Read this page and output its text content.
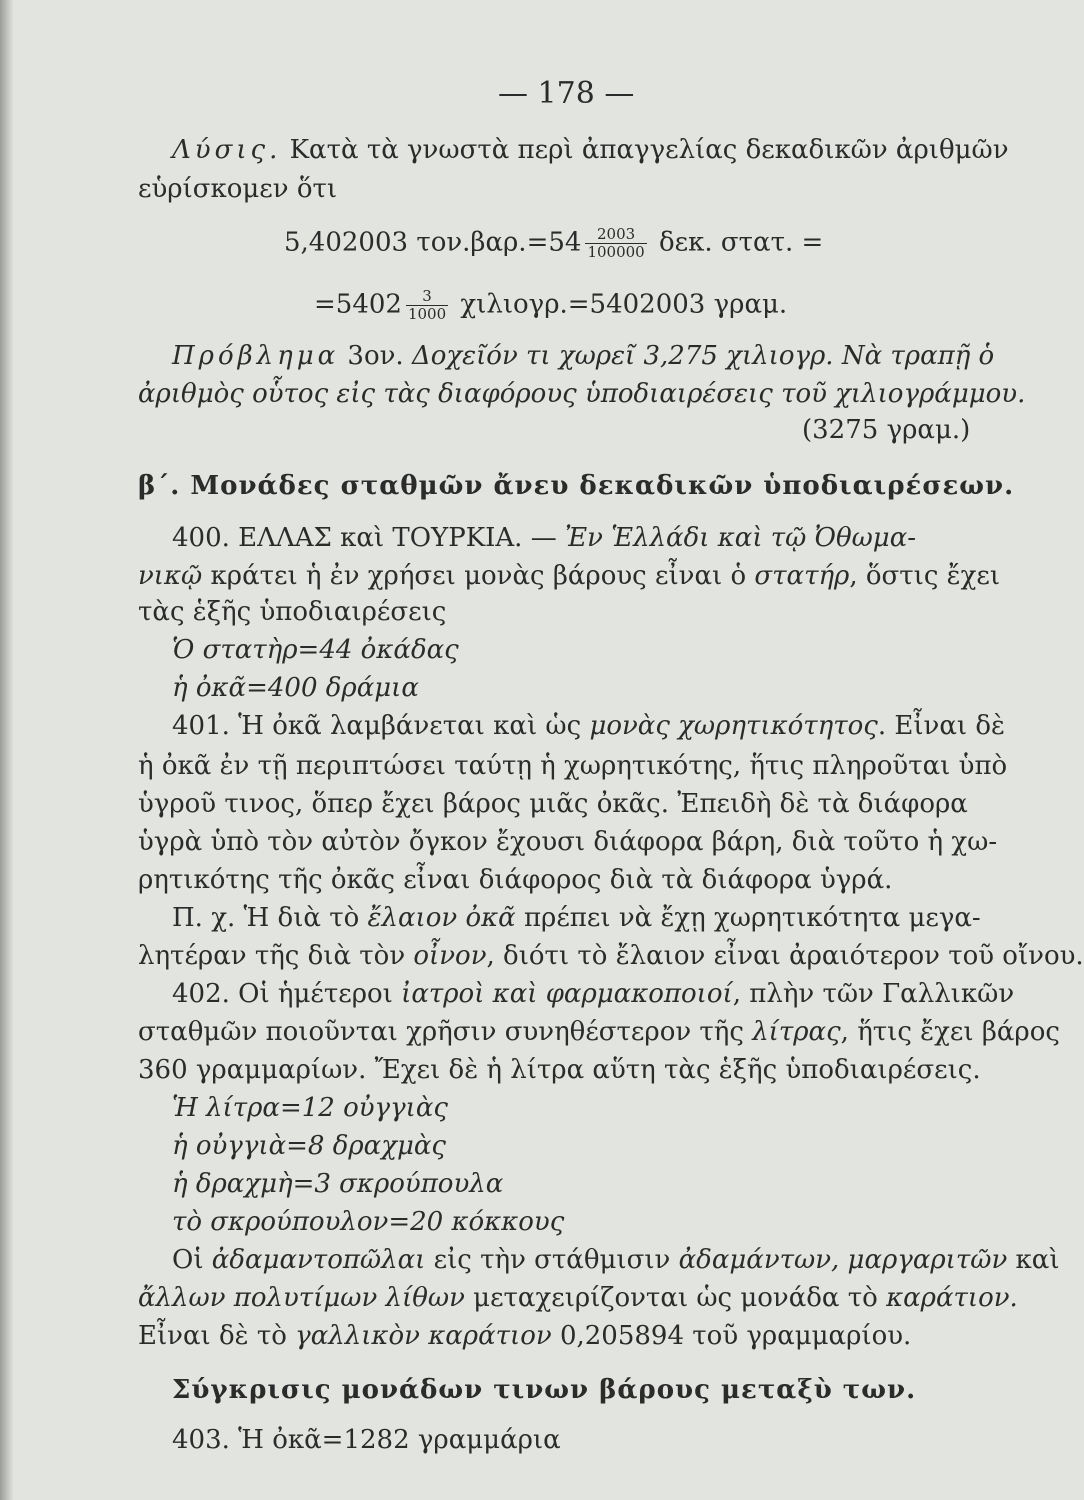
— 178 —
Λύσις. Κατὰ τὰ γνωστὰ περὶ ἀπαγγελίας δεκαδικῶν ἀριθμῶν
εὑρίσκομεν ὅτι
5,402003 $\tau o\nu.\beta\alpha\rho.=54 \frac{2003}{100000} \delta\varepsilon\kappa$. στατ. =
$=5402 \frac{3}{1000} \chi\iota\lambda\iota o\gamma\rho.=5402003$ γραμ.
Πρόβλημα 3ον. Δοχεῖόν τι χωρεῖ 3,275 χιλιογρ. Νὰ τραπῇ ὁ
ἀριθμὸς οὗτος εἰς τὰς διαφόρους ὑποδιαιρέσεις τοῦ χιλιογράμμου.
(3275 γραμ.)
β΄. Μονάδες σταθμῶν ἄνευ δεκαδικῶν ὑποδιαιρέσεων.
400. ΕΛΛΑΣ καὶ ΤΟΥΡΚΙΑ. — Ἐν Ἑλλάδι καὶ τῷ Ὀθωμα-
νικῷ κράτει ἡ ἐν χρήσει μονὰς βάρους εἶναι ὁ στατήρ, ὅστις ἔχει
τὰς ἑξῆς ὑποδιαιρέσεις
Ὁ στατὴρ=44 ὀκάδας
ἡ ὀκᾶ=400 δράμια
401. Ἡ ὀκᾶ λαμβάνεται καὶ ὡς μονὰς χωρητικότητος. Εἶναι δὲ
ἡ ὀκᾶ ἐν τῇ περιπτώσει ταύτῃ ἡ χωρητικότης, ἥτις πληροῦται ὑπὸ
ὑγροῦ τινος, ὅπερ ἔχει βάρος μιᾶς ὀκᾶς. Ἐπειδὴ δὲ τὰ διάφορα
ὑγρὰ ὑπὸ τὸν αὐτὸν ὄγκον ἔχουσι διάφορα βάρη, διὰ τοῦτο ἡ χω-
ρητικότης τῆς ὀκᾶς εἶναι διάφορος διὰ τὰ διάφορα ὑγρά.
Π. χ. Ἡ διὰ τὸ ἔλαιον ὀκᾶ πρέπει νὰ ἔχῃ χωρητικότητα μεγα-
λητέραν τῆς διὰ τὸν οἶνον, διότι τὸ ἔλαιον εἶναι ἀραιότερον τοῦ οἴνου.
402. Οἱ ἡμέτεροι ἰατροὶ καὶ φαρμακοποιοί, πλὴν τῶν Γαλλικῶν
σταθμῶν ποιοῦνται χρῆσιν συνηθέστερον τῆς λίτρας, ἥτις ἔχει βάρος
360 γραμμαρίων. Ἔχει δὲ ἡ λίτρα αὕτη τὰς ἑξῆς ὑποδιαιρέσεις.
Ἡ λίτρα=12 οὐγγιὰς
ἡ οὐγγιὰ=8 δραχμὰς
ἡ δραχμὴ=3 σκρούπουλα
τὸ σκρούπουλον=20 κόκκους
Οἱ ἀδαμαντοπῶλαι εἰς τὴν στάθμισιν ἀδαμάντων, μαργαριτῶν καὶ
ἄλλων πολυτίμων λίθων μεταχειρίζονται ὡς μονάδα τὸ καράτιον.
Εἶναι δὲ τὸ γαλλικὸν καράτιον 0,205894 τοῦ γραμμαρίου.
Σύγκρισις μονάδων τινων βάρους μεταξὺ των.
403. Ἡ ὀκᾶ=1282 γραμμάρια
